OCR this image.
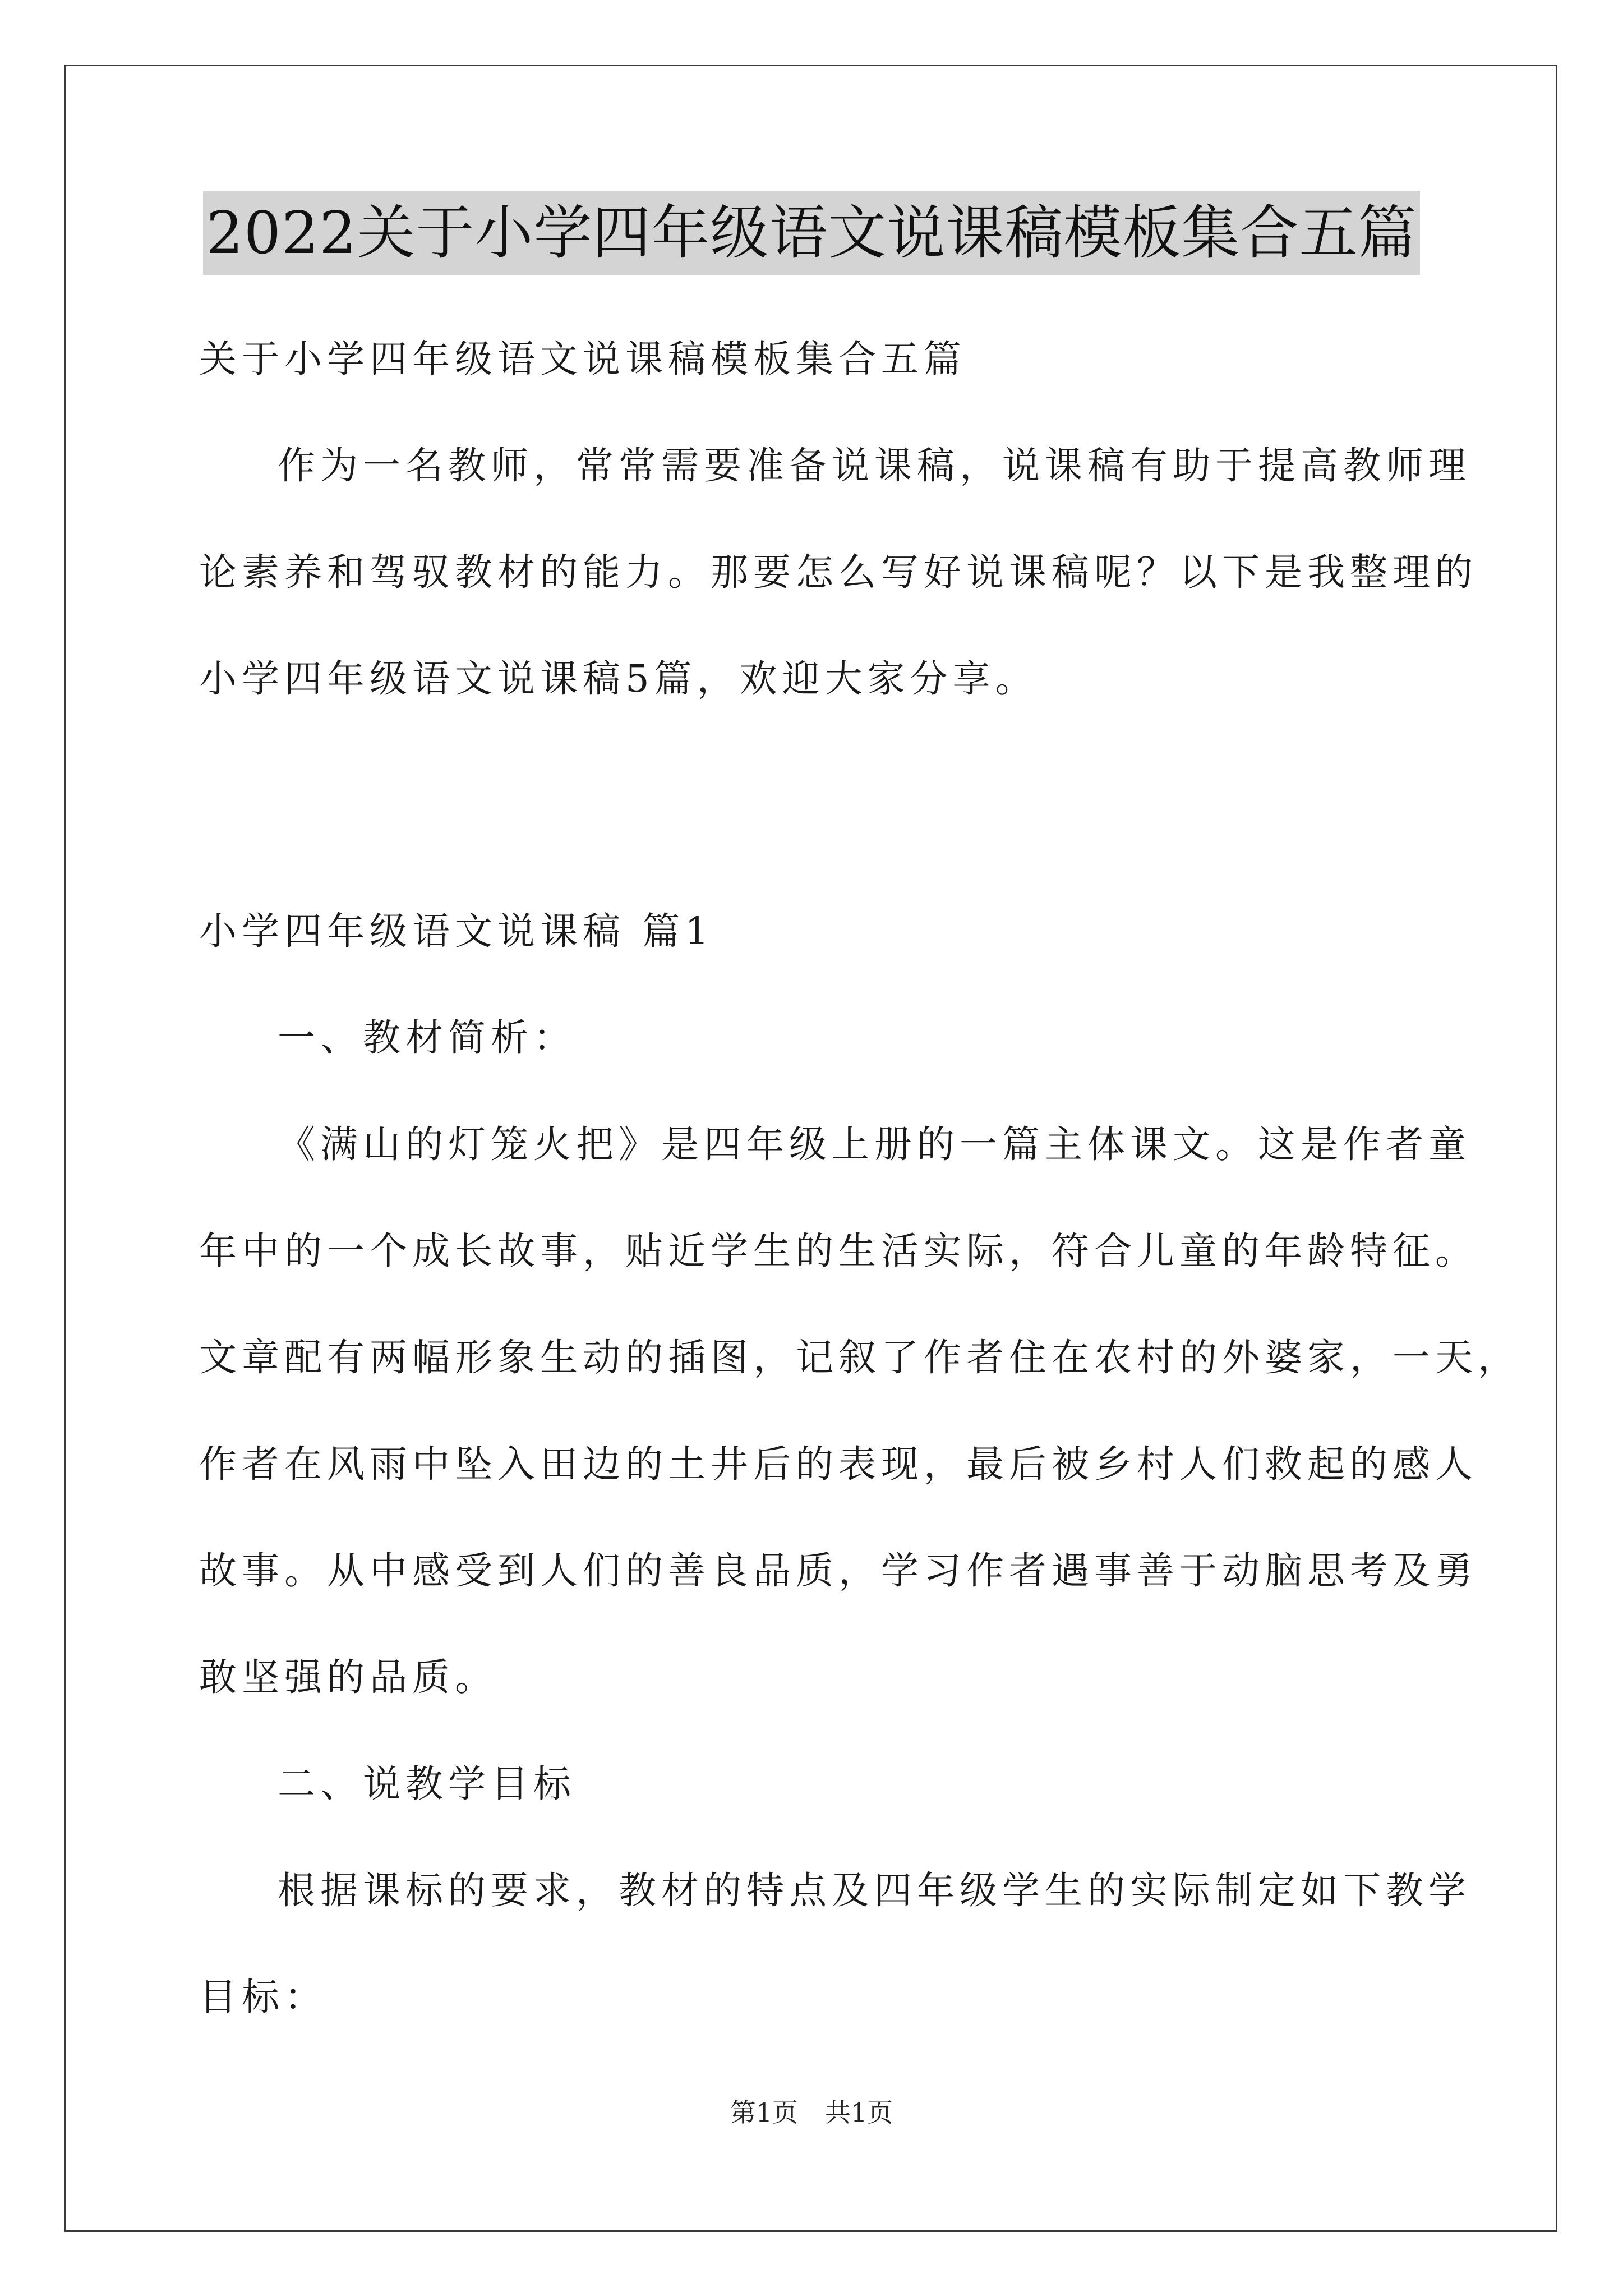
2022关于小学四年级语文说课稿模板集合五篇

关于小学四年级语文说课稿模板集合五篇

作为一名教师，常常需要准备说课稿，说课稿有助于提高教师理
论素养和驾驭教材的能力。那要怎么写好说课稿呢？以下是我整理的
小学四年级语文说课稿5篇，欢迎大家分享。

小学四年级语文说课稿 篇1

一、教材简析：

《满山的灯笼火把》是四年级上册的一篇主体课文。这是作者童
年中的一个成长故事，贴近学生的生活实际，符合儿童的年龄特征。
文章配有两幅形象生动的插图，记叙了作者住在农村的外婆家，一天，
作者在风雨中坠入田边的土井后的表现，最后被乡村人们救起的感人
故事。从中感受到人们的善良品质，学习作者遇事善于动脑思考及勇
敢坚强的品质。

二、说教学目标

根据课标的要求，教材的特点及四年级学生的实际制定如下教学
目标：

第1页 共1页
